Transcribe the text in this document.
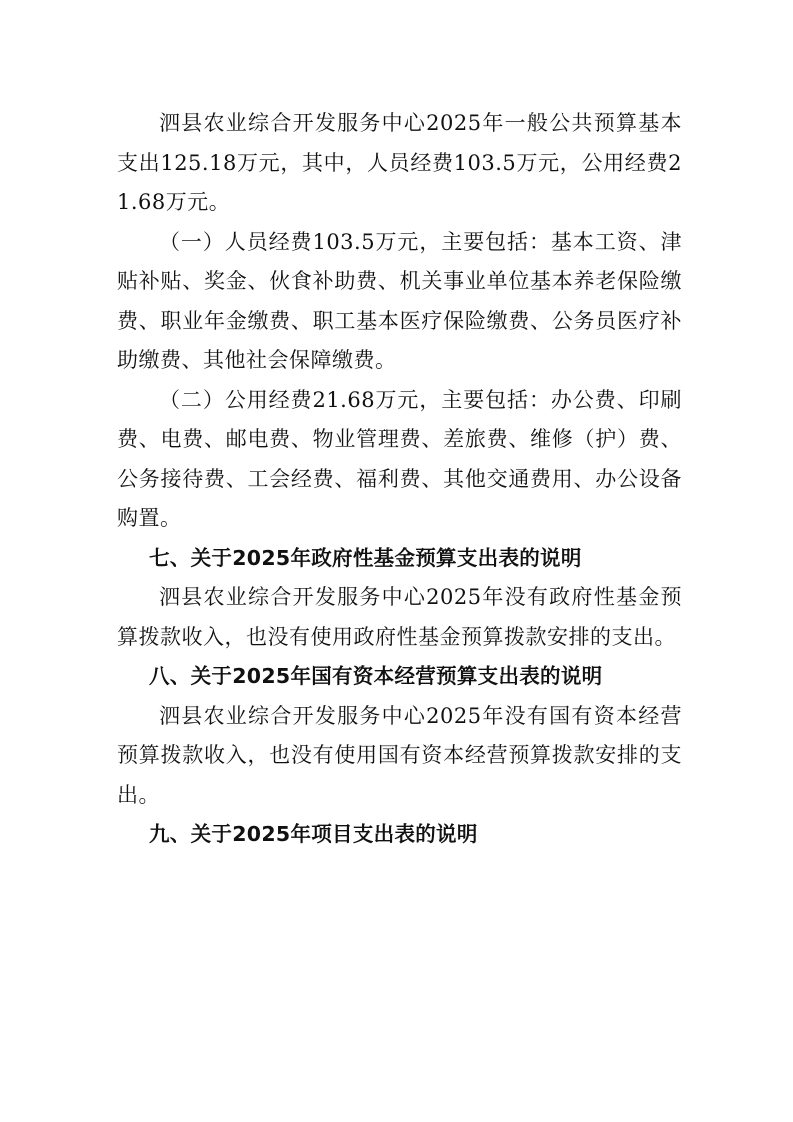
泗县农业综合开发服务中心2025年一般公共预算基本支出125.18万元，其中，人员经费103.5万元，公用经费21.68万元。

（一）人员经费103.5万元，主要包括：基本工资、津贴补贴、奖金、伙食补助费、机关事业单位基本养老保险缴费、职业年金缴费、职工基本医疗保险缴费、公务员医疗补助缴费、其他社会保障缴费。

（二）公用经费21.68万元，主要包括：办公费、印刷费、电费、邮电费、物业管理费、差旅费、维修（护）费、公务接待费、工会经费、福利费、其他交通费用、办公设备购置。

七、关于2025年政府性基金预算支出表的说明

泗县农业综合开发服务中心2025年没有政府性基金预算拨款收入，也没有使用政府性基金预算拨款安排的支出。

八、关于2025年国有资本经营预算支出表的说明

泗县农业综合开发服务中心2025年没有国有资本经营预算拨款收入，也没有使用国有资本经营预算拨款安排的支出。

九、关于2025年项目支出表的说明
